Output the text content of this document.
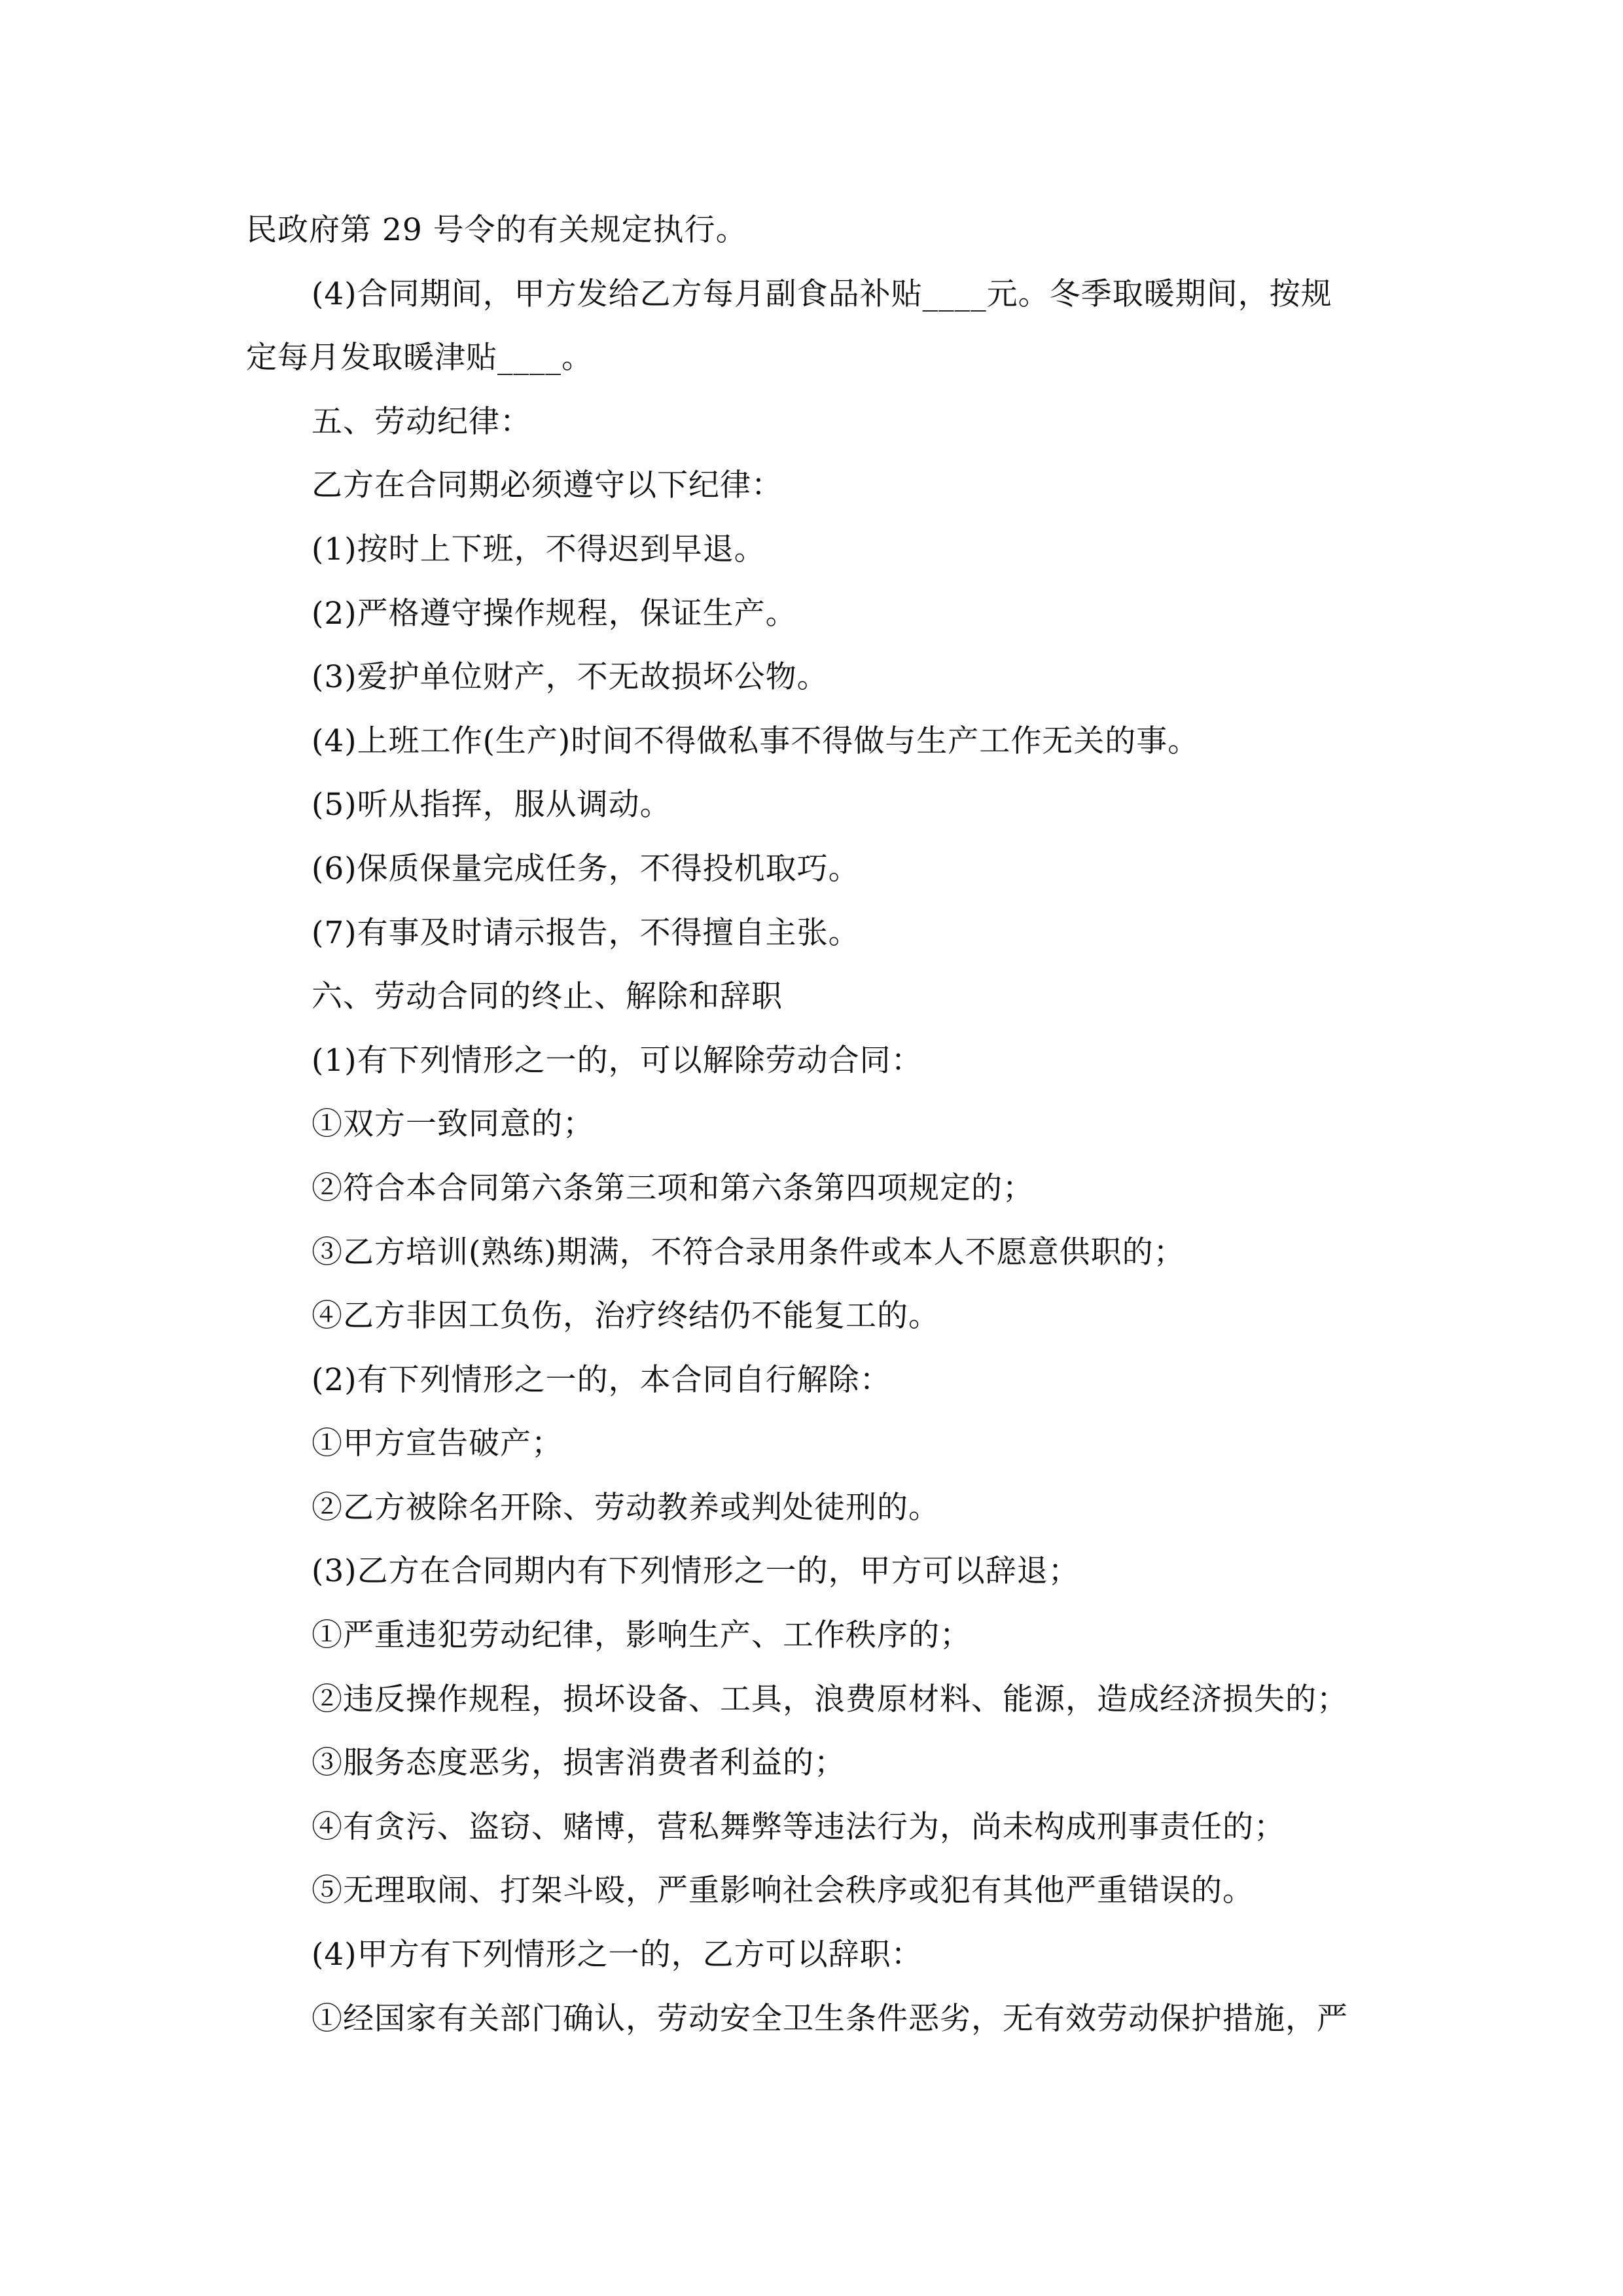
民政府第 29 号令的有关规定执行。
(4)合同期间，甲方发给乙方每月副食品补贴____元。冬季取暖期间，按规
定每月发取暖津贴____。
五、劳动纪律：
乙方在合同期必须遵守以下纪律：
(1)按时上下班，不得迟到早退。
(2)严格遵守操作规程，保证生产。
(3)爱护单位财产，不无故损坏公物。
(4)上班工作(生产)时间不得做私事不得做与生产工作无关的事。
(5)听从指挥，服从调动。
(6)保质保量完成任务，不得投机取巧。
(7)有事及时请示报告，不得擅自主张。
六、劳动合同的终止、解除和辞职
(1)有下列情形之一的，可以解除劳动合同：
①双方一致同意的；
②符合本合同第六条第三项和第六条第四项规定的；
③乙方培训(熟练)期满，不符合录用条件或本人不愿意供职的；
④乙方非因工负伤，治疗终结仍不能复工的。
(2)有下列情形之一的，本合同自行解除：
①甲方宣告破产；
②乙方被除名开除、劳动教养或判处徒刑的。
(3)乙方在合同期内有下列情形之一的，甲方可以辞退；
①严重违犯劳动纪律，影响生产、工作秩序的；
②违反操作规程，损坏设备、工具，浪费原材料、能源，造成经济损失的；
③服务态度恶劣，损害消费者利益的；
④有贪污、盗窃、赌博，营私舞弊等违法行为，尚未构成刑事责任的；
⑤无理取闹、打架斗殴，严重影响社会秩序或犯有其他严重错误的。
(4)甲方有下列情形之一的，乙方可以辞职：
①经国家有关部门确认，劳动安全卫生条件恶劣，无有效劳动保护措施，严
